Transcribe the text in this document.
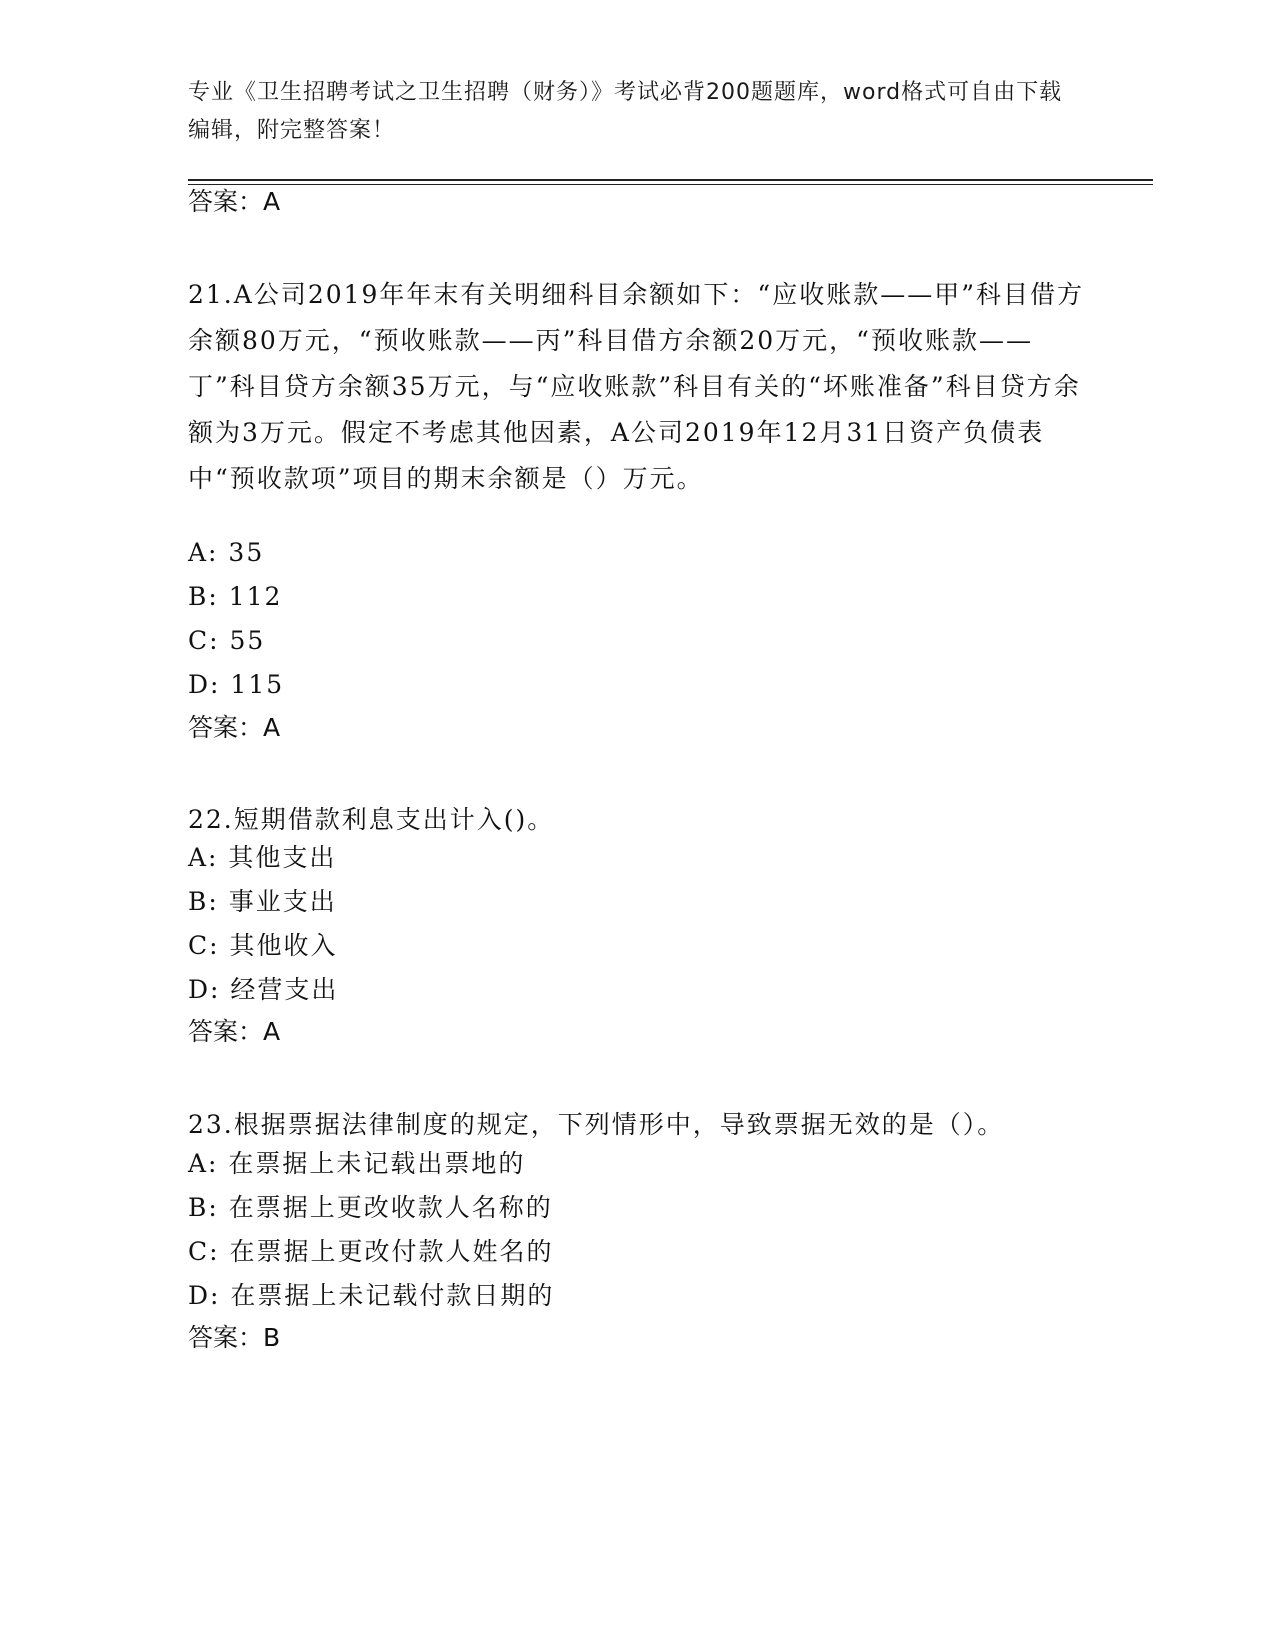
专业《卫生招聘考试之卫生招聘（财务）》考试必背200题题库，word格式可自由下载编辑，附完整答案！
答案：A
21.A公司2019年年末有关明细科目余额如下：“应收账款——甲”科目借方余额80万元，“预收账款——丙”科目借方余额20万元，“预收账款——丁”科目贷方余额35万元，与“应收账款”科目有关的“坏账准备”科目贷方余额为3万元。假定不考虑其他因素，A公司2019年12月31日资产负债表中“预收款项”项目的期末余额是（）万元。
A: 35
B: 112
C: 55
D: 115
答案：A
22.短期借款利息支出计入()。
A: 其他支出
B: 事业支出
C: 其他收入
D: 经营支出
答案：A
23.根据票据法律制度的规定，下列情形中，导致票据无效的是（）。
A: 在票据上未记载出票地的
B: 在票据上更改收款人名称的
C: 在票据上更改付款人姓名的
D: 在票据上未记载付款日期的
答案：B
